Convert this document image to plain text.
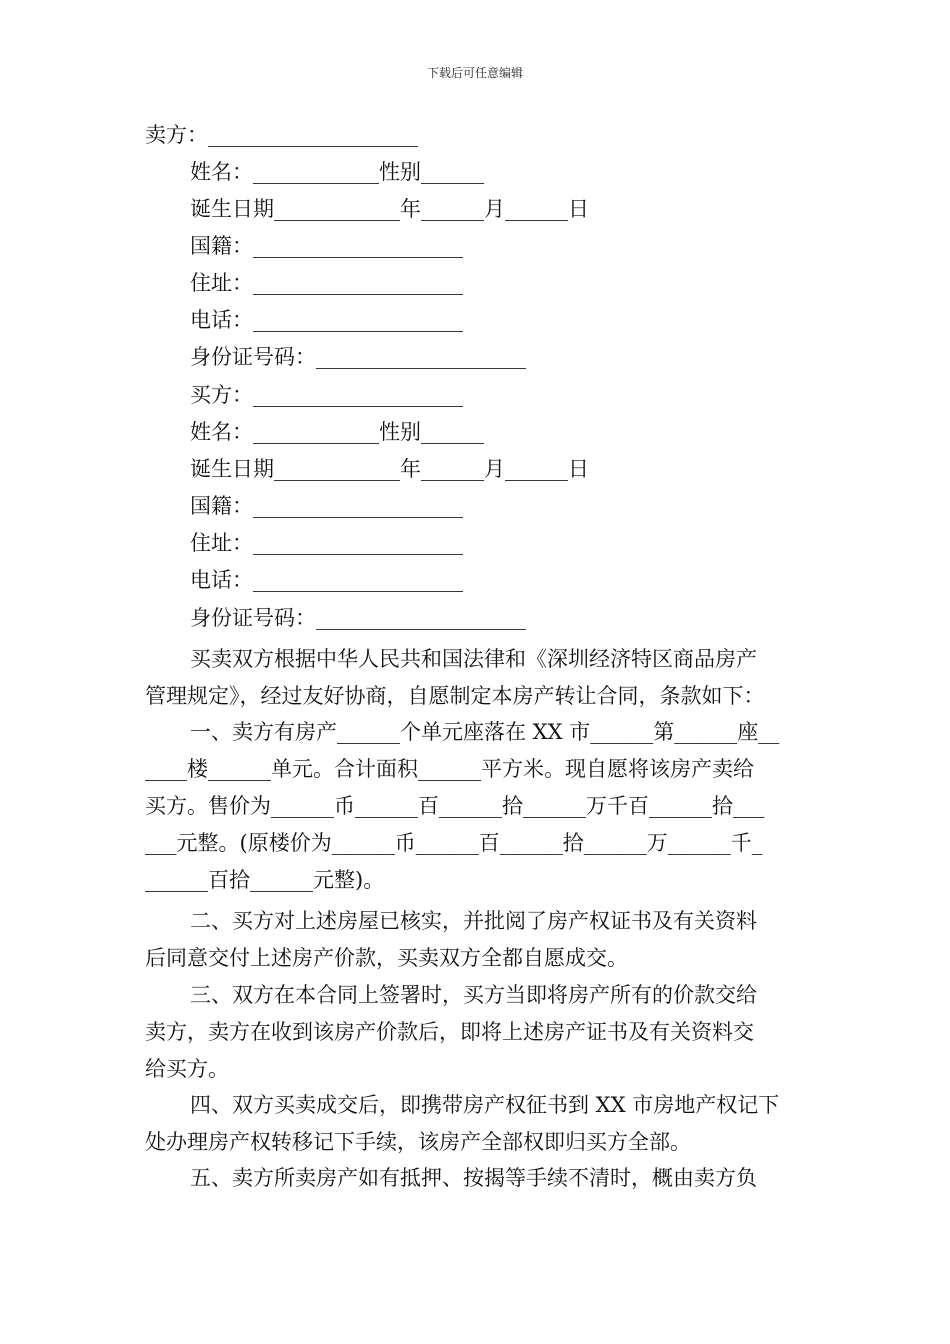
下载后可任意编辑
卖方：____________________
姓名：____________性别______
诞生日期____________年______月______日
国籍：____________________
住址：____________________
电话：____________________
身份证号码：____________________
买方：____________________
姓名：____________性别______
诞生日期____________年______月______日
国籍：____________________
住址：____________________
电话：____________________
身份证号码：____________________
买卖双方根据中华人民共和国法律和《深圳经济特区商品房产
管理规定》，经过友好协商，自愿制定本房产转让合同，条款如下：
一、卖方有房产______个单元座落在 XX 市______第______座__
____楼______单元。合计面积______平方米。现自愿将该房产卖给
买方。售价为______币______百______拾______万千百______拾___
___元整。(原楼价为______币______百______拾______万______千_
______百拾______元整)。
二、买方对上述房屋已核实，并批阅了房产权证书及有关资料
后同意交付上述房产价款，买卖双方全都自愿成交。
三、双方在本合同上签署时，买方当即将房产所有的价款交给
卖方，卖方在收到该房产价款后，即将上述房产证书及有关资料交
给买方。
四、双方买卖成交后，即携带房产权征书到 XX 市房地产权记下
处办理房产权转移记下手续，该房产全部权即归买方全部。
五、卖方所卖房产如有抵押、按揭等手续不清时，概由卖方负
